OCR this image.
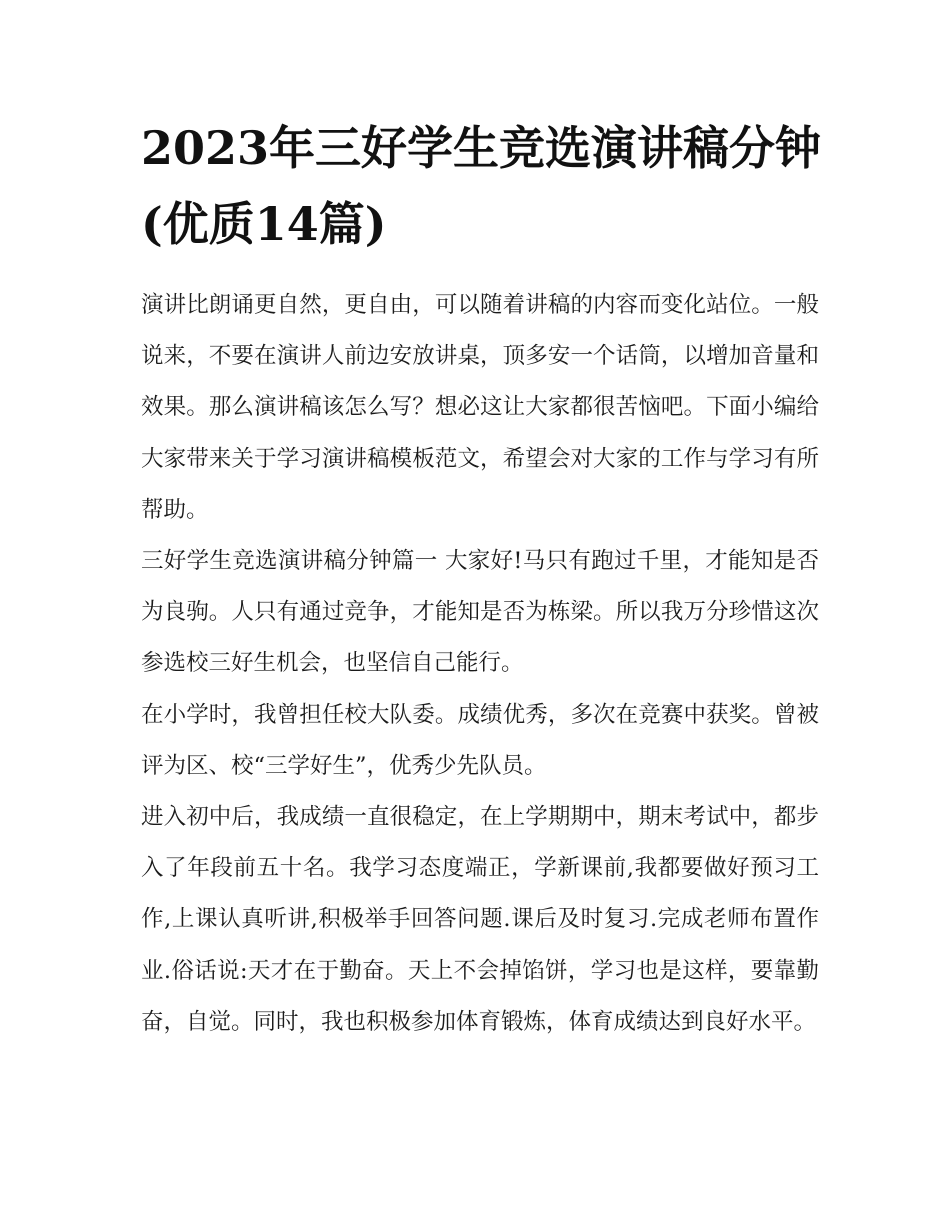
2023年三好学生竞选演讲稿分钟(优质14篇)

演讲比朗诵更自然，更自由，可以随着讲稿的内容而变化站位。一般说来，不要在演讲人前边安放讲桌，顶多安一个话筒，以增加音量和效果。那么演讲稿该怎么写？想必这让大家都很苦恼吧。下面小编给大家带来关于学习演讲稿模板范文，希望会对大家的工作与学习有所帮助。

三好学生竞选演讲稿分钟篇一 大家好!马只有跑过千里，才能知是否为良驹。人只有通过竞争，才能知是否为栋梁。所以我万分珍惜这次参选校三好生机会，也坚信自己能行。

在小学时，我曾担任校大队委。成绩优秀，多次在竞赛中获奖。曾被评为区、校“三学好生”，优秀少先队员。

进入初中后，我成绩一直很稳定，在上学期期中，期末考试中，都步入了年段前五十名。我学习态度端正，学新课前,我都要做好预习工作,上课认真听讲,积极举手回答问题.课后及时复习.完成老师布置作业.俗话说:天才在于勤奋。天上不会掉馅饼，学习也是这样，要靠勤奋，自觉。同时，我也积极参加体育锻炼，体育成绩达到良好水平。
